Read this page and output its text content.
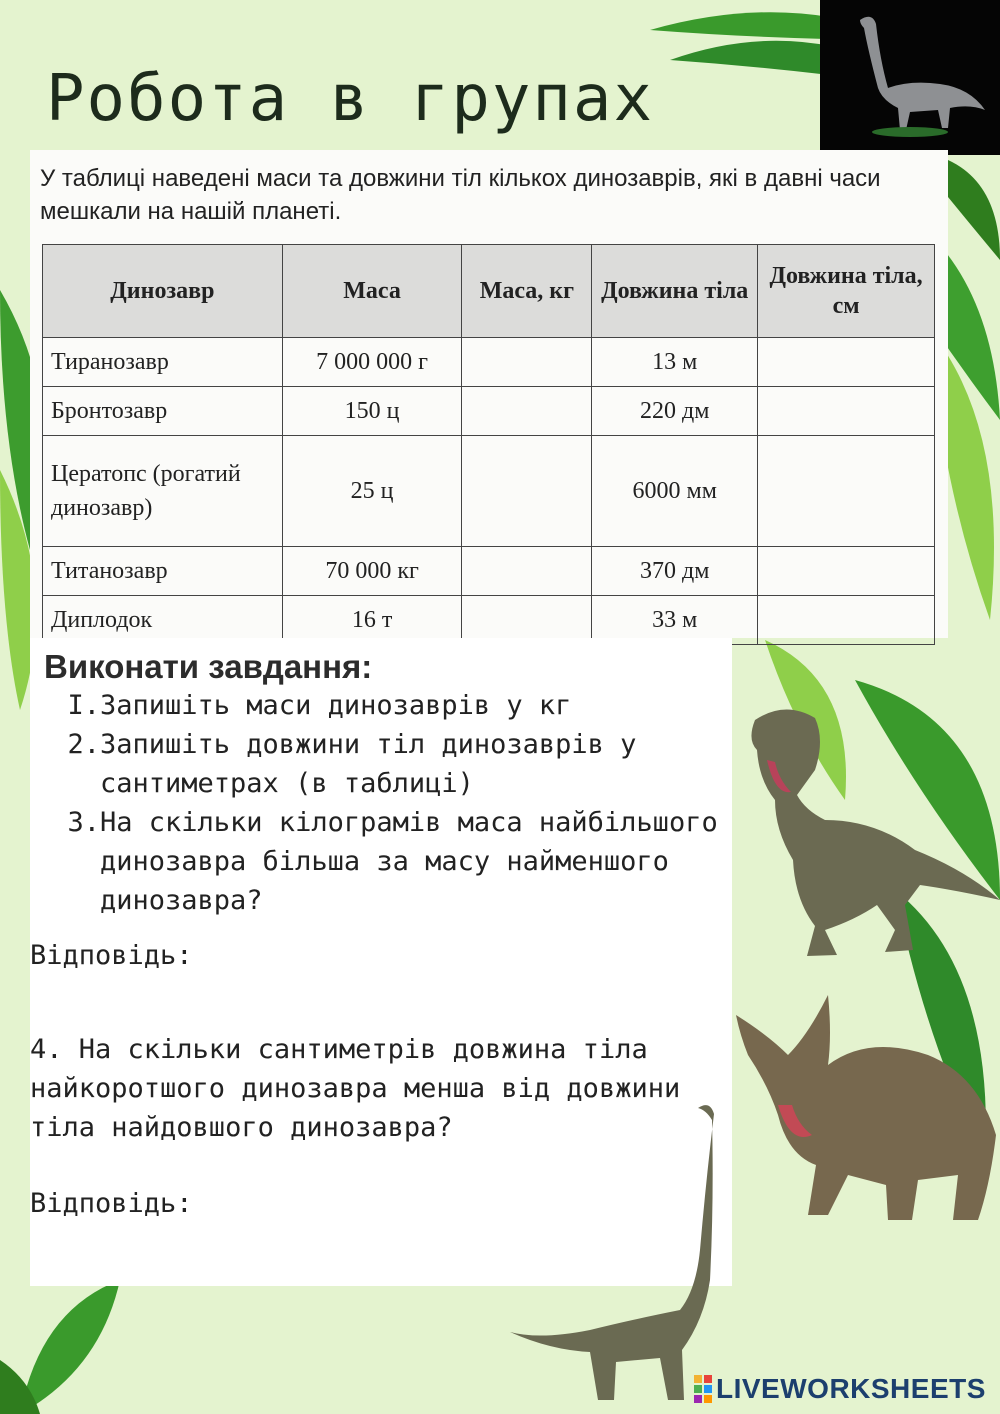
Робота в групах

У таблиці наведені маси та довжини тіл кількох динозаврів, які в давні часи мешкали на нашій планеті.

Динозавр	Маса	Маса, кг	Довжина тіла	Довжина тіла, см
Тиранозавр	7 000 000 г		13 м	
Бронтозавр	150 ц		220 дм	
Цератопс (рогатий динозавр)	25 ц		6000 мм	
Титанозавр	70 000 кг		370 дм	
Диплодок	16 т		33 м	
Виконати завдання:
I. Запишіть маси динозаврів у кг
2. Запишіть довжини тіл динозаврів у сантиметрах (в таблиці)
3. На скільки кілограмів маса найбільшого динозавра більша за масу найменшого динозавра?

Відповідь:

4. На скільки сантиметрів довжина тіла найкоротшого динозавра менша від довжини тіла найдовшого динозавра?

Відповідь:

LIVEWORKSHEETS
